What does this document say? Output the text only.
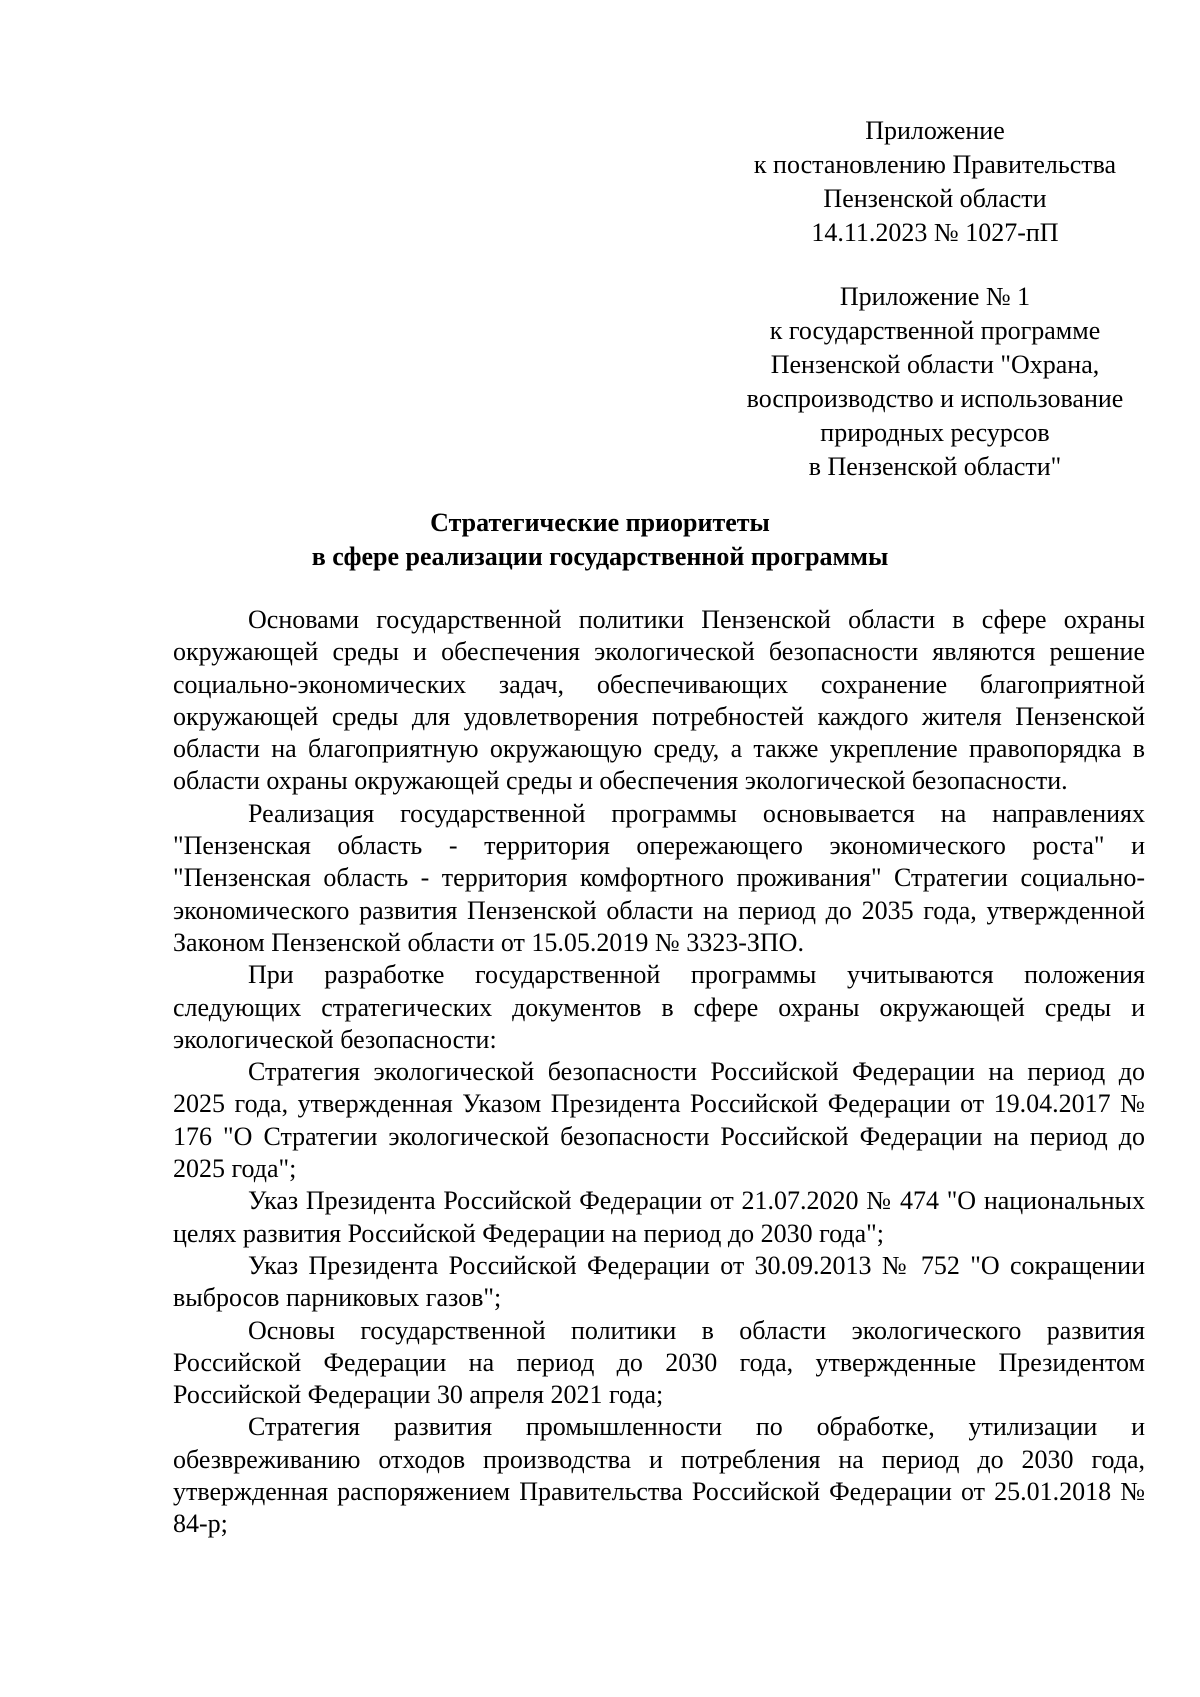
Приложение
к постановлению Правительства
Пензенской области
14.11.2023 № 1027-пП
Приложение № 1
к государственной программе
Пензенской области "Охрана,
воспроизводство и использование
природных ресурсов
в Пензенской области"
Стратегические приоритеты
в сфере реализации государственной программы

Основами государственной политики Пензенской области в сфере охраны окружающей среды и обеспечения экологической безопасности являются решение социально-экономических задач, обеспечивающих сохранение благоприятной окружающей среды для удовлетворения потребностей каждого жителя Пензенской области на благоприятную окружающую среду, а также укрепление правопорядка в области охраны окружающей среды и обеспечения экологической безопасности.

Реализация государственной программы основывается на направлениях "Пензенская область - территория опережающего экономического роста" и "Пензенская область - территория комфортного проживания" Стратегии социально-экономического развития Пензенской области на период до 2035 года, утвержденной Законом Пензенской области от 15.05.2019 № 3323-ЗПО.

При разработке государственной программы учитываются положения следующих стратегических документов в сфере охраны окружающей среды и экологической безопасности:

Стратегия экологической безопасности Российской Федерации на период до 2025 года, утвержденная Указом Президента Российской Федерации от 19.04.2017 № 176 "О Стратегии экологической безопасности Российской Федерации на период до 2025 года";

Указ Президента Российской Федерации от 21.07.2020 № 474 "О национальных целях развития Российской Федерации на период до 2030 года";

Указ Президента Российской Федерации от 30.09.2013 № 752 "О сокращении выбросов парниковых газов";

Основы государственной политики в области экологического развития Российской Федерации на период до 2030 года, утвержденные Президентом Российской Федерации 30 апреля 2021 года;

Стратегия развития промышленности по обработке, утилизации и обезвреживанию отходов производства и потребления на период до 2030 года, утвержденная распоряжением Правительства Российской Федерации от 25.01.2018 № 84-р;
